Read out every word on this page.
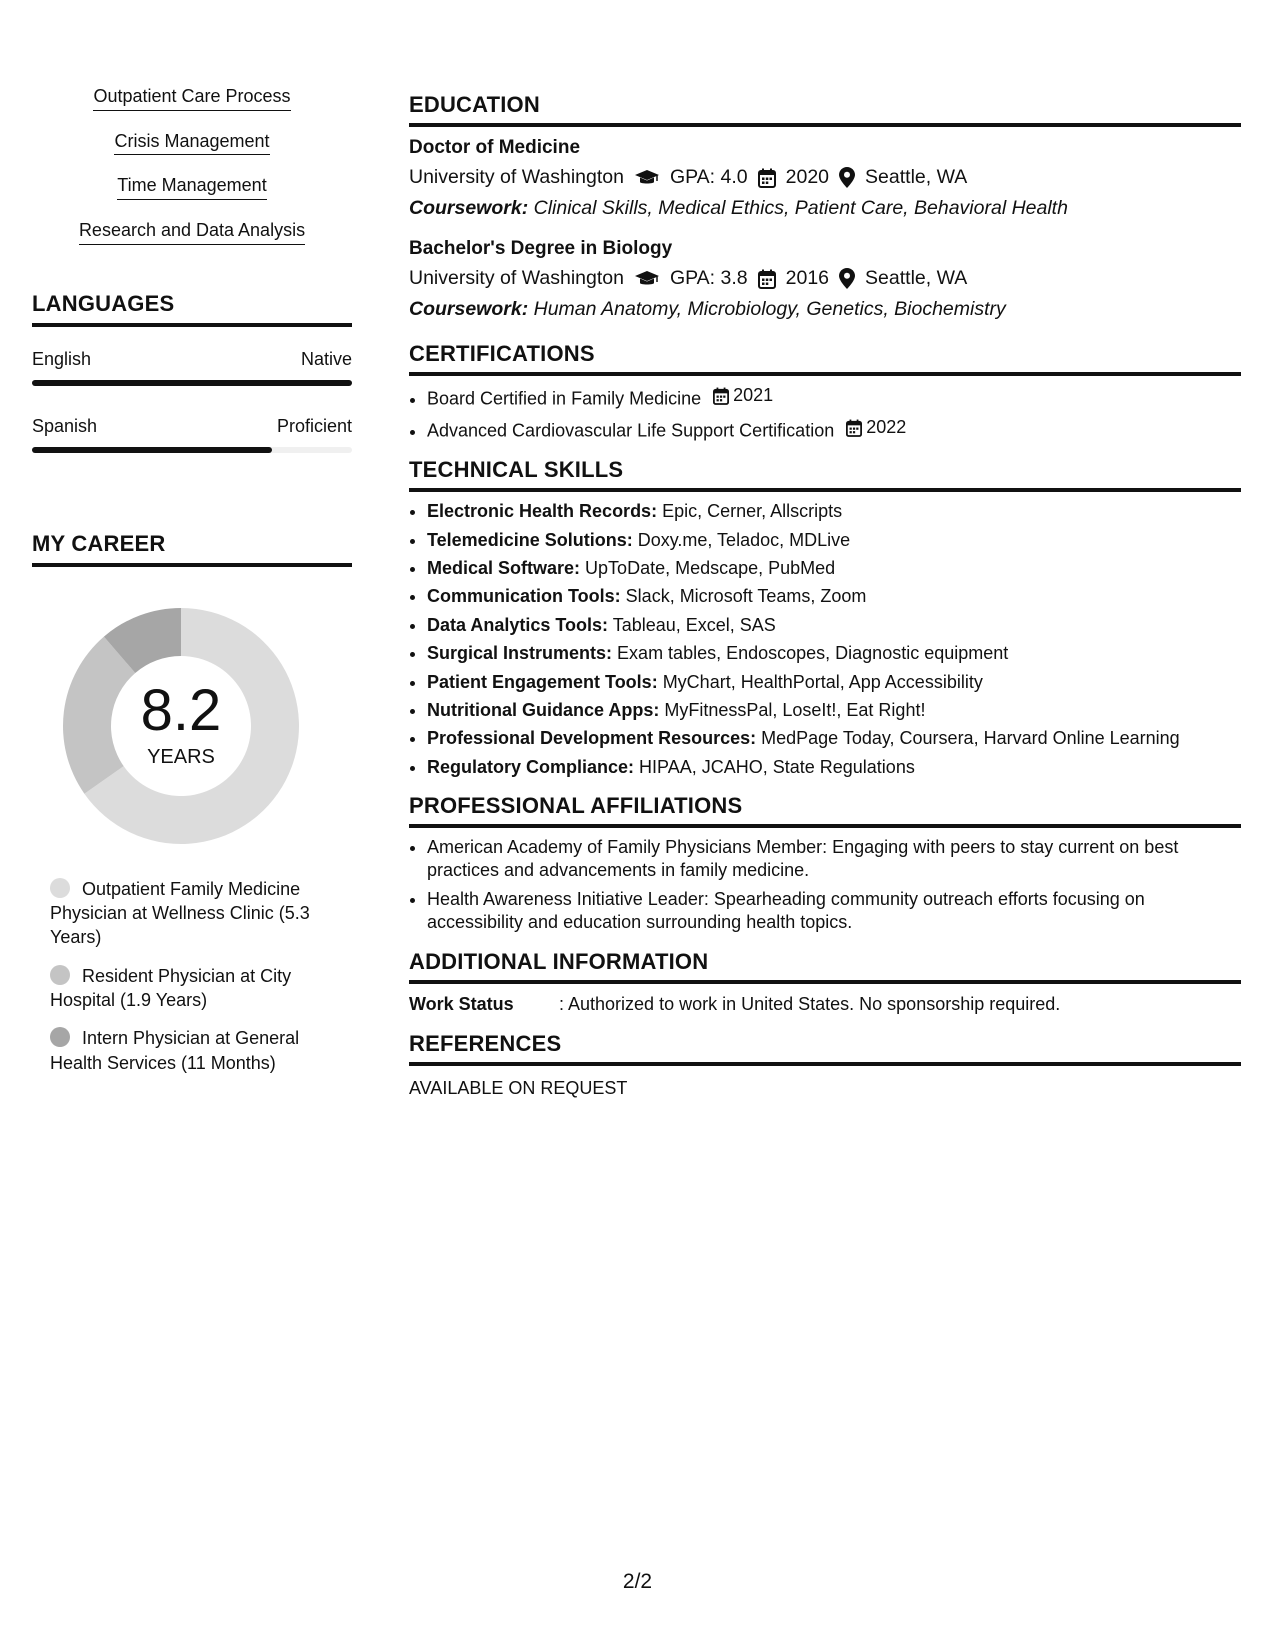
Outpatient Care Process
Crisis Management
Time Management
Research and Data Analysis
LANGUAGES
English	Native
Spanish	Proficient
MY CAREER
8.2
YEARS
Outpatient Family Medicine Physician at Wellness Clinic (5.3 Years)
Resident Physician at City Hospital (1.9 Years)
Intern Physician at General Health Services (11 Months)
EDUCATION
Doctor of Medicine
University of Washington GPA: 4.0 2020 Seattle, WA
Coursework: Clinical Skills, Medical Ethics, Patient Care, Behavioral Health
Bachelor's Degree in Biology
University of Washington GPA: 3.8 2016 Seattle, WA
Coursework: Human Anatomy, Microbiology, Genetics, Biochemistry
CERTIFICATIONS
• Board Certified in Family Medicine 2021
• Advanced Cardiovascular Life Support Certification 2022
TECHNICAL SKILLS
• Electronic Health Records: Epic, Cerner, Allscripts
• Telemedicine Solutions: Doxy.me, Teladoc, MDLive
• Medical Software: UpToDate, Medscape, PubMed
• Communication Tools: Slack, Microsoft Teams, Zoom
• Data Analytics Tools: Tableau, Excel, SAS
• Surgical Instruments: Exam tables, Endoscopes, Diagnostic equipment
• Patient Engagement Tools: MyChart, HealthPortal, App Accessibility
• Nutritional Guidance Apps: MyFitnessPal, LoseIt!, Eat Right!
• Professional Development Resources: MedPage Today, Coursera, Harvard Online Learning
• Regulatory Compliance: HIPAA, JCAHO, State Regulations
PROFESSIONAL AFFILIATIONS
• American Academy of Family Physicians Member: Engaging with peers to stay current on best practices and advancements in family medicine.
• Health Awareness Initiative Leader: Spearheading community outreach efforts focusing on accessibility and education surrounding health topics.
ADDITIONAL INFORMATION
Work Status	: Authorized to work in United States. No sponsorship required.
REFERENCES
AVAILABLE ON REQUEST
2/2
